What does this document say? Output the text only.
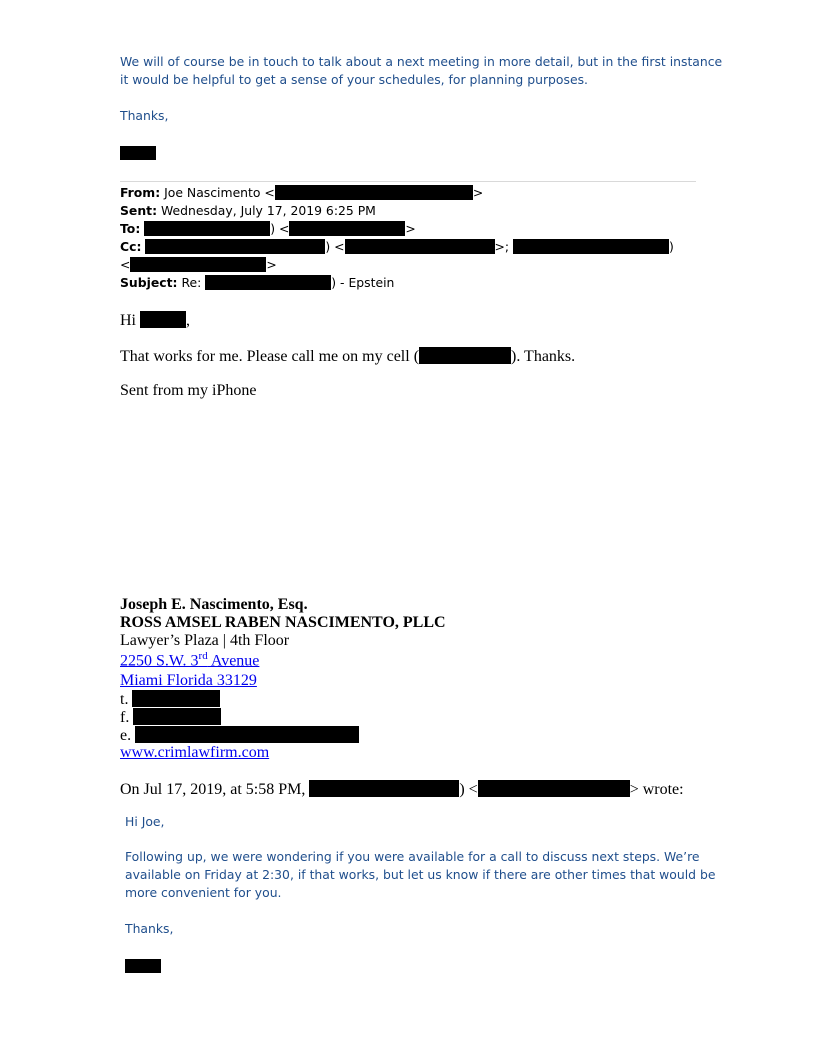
We will of course be in touch to talk about a next meeting in more detail, but in the first instance
it would be helpful to get a sense of your schedules, for planning purposes.
Thanks,
From: Joe Nascimento <	>
Sent: Wednesday, July 17, 2019 6:25 PM
To:	) <	>
Cc:	) <	>;	)
<	>
Subject: Re:	) - Epstein
Hi	,
That works for me. Please call me on my cell (	). Thanks.
Sent from my iPhone
Joseph E. Nascimento, Esq.
ROSS AMSEL RABEN NASCIMENTO, PLLC
Lawyer’s Plaza | 4th Floor
2250 S.W. 3rd Avenue
Miami Florida 33129
t.
f.
e.
www.crimlawfirm.com
On Jul 17, 2019, at 5:58 PM,	) <	> wrote:
Hi Joe,
Following up, we were wondering if you were available for a call to discuss next steps. We’re
available on Friday at 2:30, if that works, but let us know if there are other times that would be
more convenient for you.
Thanks,
